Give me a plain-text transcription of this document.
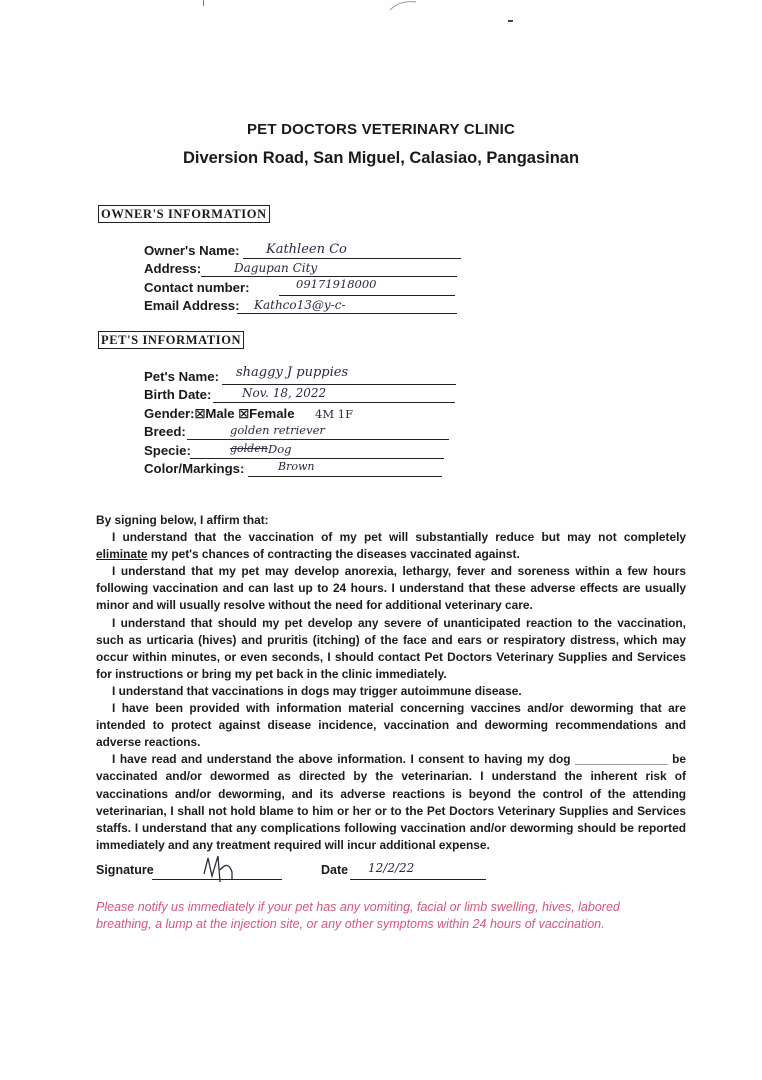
PET DOCTORS VETERINARY CLINIC
Diversion Road, San Miguel, Calasiao, Pangasinan
OWNER'S INFORMATION
Owner's Name: Kathleen Co
Address:	Dagupan City
Contact number:	09171918000
Email Address: Kathco13@y-c-
PET'S INFORMATION
Pet's Name: shaggy J puppies
Birth Date:	Nov. 18, 2022
Gender:☒Male ☒Female 4M 1F
Breed:	golden retriever
Specie:	golden Dog
Color/Markings:	Brown

By signing below, I affirm that:

I understand that the vaccination of my pet will substantially reduce but may not completely eliminate my pet's chances of contracting the diseases vaccinated against.

I understand that my pet may develop anorexia, lethargy, fever and soreness within a few hours following vaccination and can last up to 24 hours. I understand that these adverse effects are usually minor and will usually resolve without the need for additional veterinary care.

I understand that should my pet develop any severe of unanticipated reaction to the vaccination, such as urticaria (hives) and pruritis (itching) of the face and ears or respiratory distress, which may occur within minutes, or even seconds, I should contact Pet Doctors Veterinary Supplies and Services for instructions or bring my pet back in the clinic immediately.

I understand that vaccinations in dogs may trigger autoimmune disease.

I have been provided with information material concerning vaccines and/or deworming that are intended to protect against disease incidence, vaccination and deworming recommendations and adverse reactions.

I have read and understand the above information. I consent to having my dog ______________ be vaccinated and/or dewormed as directed by the veterinarian. I understand the inherent risk of vaccinations and/or deworming, and its adverse reactions is beyond the control of the attending veterinarian, I shall not hold blame to him or her or to the Pet Doctors Veterinary Supplies and Services staffs. I understand that any complications following vaccination and/or deworming should be reported immediately and any treatment required will incur additional expense.

Signature	Date 12/2/22
Please notify us immediately if your pet has any vomiting, facial or limb swelling, hives, labored breathing, a lump at the injection site, or any other symptoms within 24 hours of vaccination.
